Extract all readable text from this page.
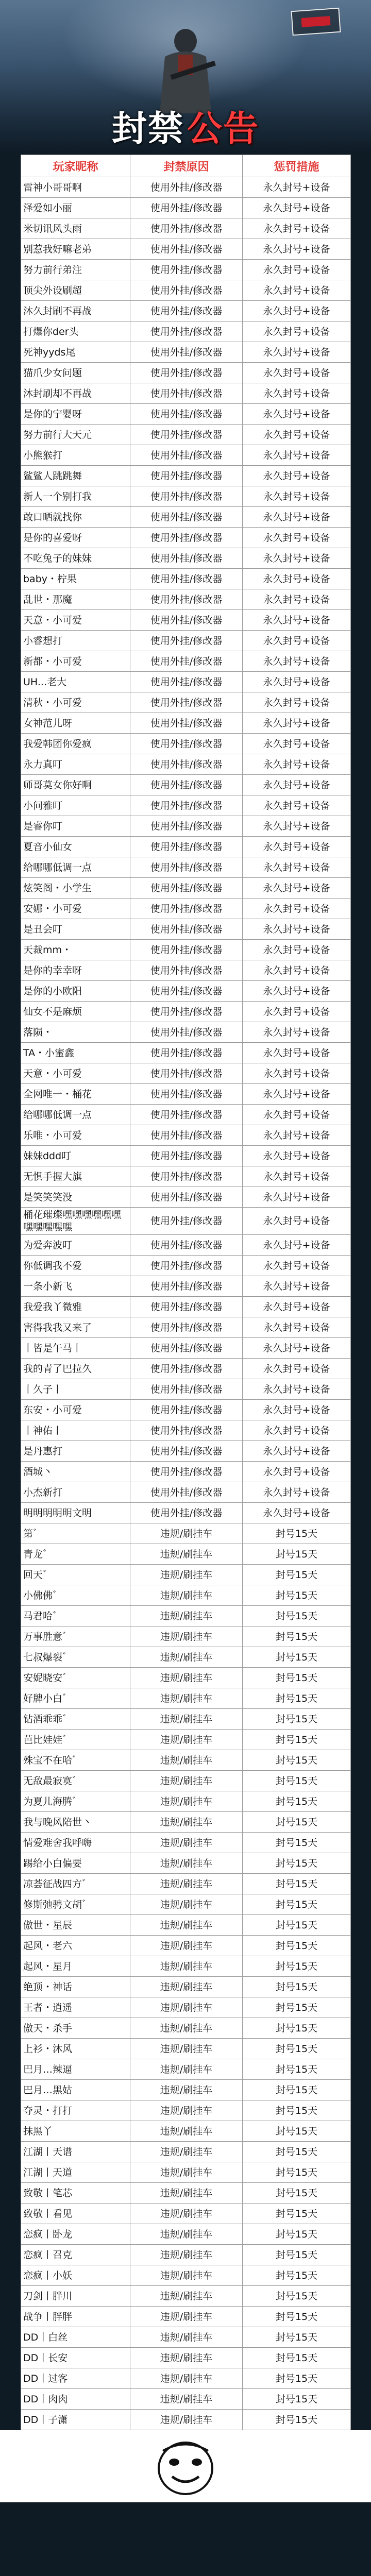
封禁 公告
玩家昵称	封禁原因	惩罚措施
雷神小哥哥啊	使用外挂/修改器	永久封号+设备
泽爱如小丽	使用外挂/修改器	永久封号+设备
米切讯风头雨	使用外挂/修改器	永久封号+设备
别惹我好嘛老弟	使用外挂/修改器	永久封号+设备
努力前行弟注	使用外挂/修改器	永久封号+设备
顶尖外设刷超	使用外挂/修改器	永久封号+设备
沐久封刷不再战	使用外挂/修改器	永久封号+设备
打爆你der头	使用外挂/修改器	永久封号+设备
死神yyds尾	使用外挂/修改器	永久封号+设备
猫爪少女问题	使用外挂/修改器	永久封号+设备
沐封刷却不再战	使用外挂/修改器	永久封号+设备
是你的宁婴呀	使用外挂/修改器	永久封号+设备
努力前行大天元	使用外挂/修改器	永久封号+设备
小熊猴打	使用外挂/修改器	永久封号+设备
鲨鲨人跳跳舞	使用外挂/修改器	永久封号+设备
新人一个别打我	使用外挂/修改器	永久封号+设备
敢口晒就找你	使用外挂/修改器	永久封号+设备
是你的喜爱呀	使用外挂/修改器	永久封号+设备
不吃兔子的妹妹	使用外挂/修改器	永久封号+设备
baby・柠果	使用外挂/修改器	永久封号+设备
乱世・那魔	使用外挂/修改器	永久封号+设备
天意・小可爱	使用外挂/修改器	永久封号+设备
小睿想打	使用外挂/修改器	永久封号+设备
新都・小可爱	使用外挂/修改器	永久封号+设备
UH...老大	使用外挂/修改器	永久封号+设备
清秋・小可爱	使用外挂/修改器	永久封号+设备
女神范儿呀	使用外挂/修改器	永久封号+设备
我爱韩团你爱疯	使用外挂/修改器	永久封号+设备
永力真叮	使用外挂/修改器	永久封号+设备
师哥莫女你好啊	使用外挂/修改器	永久封号+设备
小问雅叮	使用外挂/修改器	永久封号+设备
是睿你叮	使用外挂/修改器	永久封号+设备
夏音小仙女	使用外挂/修改器	永久封号+设备
给哪哪低调一点	使用外挂/修改器	永久封号+设备
炫笑阁・小学生	使用外挂/修改器	永久封号+设备
安娜・小可爱	使用外挂/修改器	永久封号+设备
是丑会叮	使用外挂/修改器	永久封号+设备
天裁mm・	使用外挂/修改器	永久封号+设备
是你的幸幸呀	使用外挂/修改器	永久封号+设备
是你的小欧阳	使用外挂/修改器	永久封号+设备
仙女不是麻烦	使用外挂/修改器	永久封号+设备
落陨・	使用外挂/修改器	永久封号+设备
TA・小蜜鑫	使用外挂/修改器	永久封号+设备
天意・小可爱	使用外挂/修改器	永久封号+设备
全网唯一・桶花	使用外挂/修改器	永久封号+设备
给哪哪低调一点	使用外挂/修改器	永久封号+设备
乐唯・小可爱	使用外挂/修改器	永久封号+设备
妹妹ddd叮	使用外挂/修改器	永久封号+设备
无惧手握大旗	使用外挂/修改器	永久封号+设备
是笑笑笑没	使用外挂/修改器	永久封号+设备
桶花璀璨嘿嘿嘿嘿嘿嘿嘿嘿嘿嘿嘿	使用外挂/修改器	永久封号+设备
为爱奔波叮	使用外挂/修改器	永久封号+设备
你低调我不爱	使用外挂/修改器	永久封号+设备
一条小新飞	使用外挂/修改器	永久封号+设备
我爱我丫微雅	使用外挂/修改器	永久封号+设备
害得我我又来了	使用外挂/修改器	永久封号+设备
丨皆是午马丨	使用外挂/修改器	永久封号+设备
我的青了巴拉久	使用外挂/修改器	永久封号+设备
丨久子丨	使用外挂/修改器	永久封号+设备
东安・小可爱	使用外挂/修改器	永久封号+设备
丨神佑丨	使用外挂/修改器	永久封号+设备
是丹惠打	使用外挂/修改器	永久封号+设备
酒城丶	使用外挂/修改器	永久封号+设备
小杰新打	使用外挂/修改器	永久封号+设备
明明明明明文明	使用外挂/修改器	永久封号+设备
第゛	违规/刷挂车	封号15天
青龙゛	违规/刷挂车	封号15天
回天゛	违规/刷挂车	封号15天
小佛佛゛	违规/刷挂车	封号15天
马君哈゛	违规/刷挂车	封号15天
万事胜意゛	违规/刷挂车	封号15天
七叔爆裂゛	违规/刷挂车	封号15天
安妮晓安゛	违规/刷挂车	封号15天
好牌小白゛	违规/刷挂车	封号15天
钻酒乖乖゛	违规/刷挂车	封号15天
芭比娃娃゛	违规/刷挂车	封号15天
殊宝不在哈゛	违规/刷挂车	封号15天
无敌最寂寞゛	违规/刷挂车	封号15天
为夏儿海腾゛	违规/刷挂车	封号15天
我与晚风陪世丶	违规/刷挂车	封号15天
情爱难舍我呼嗨	违规/刷挂车	封号15天
踢给小白偏要	违规/刷挂车	封号15天
凉荟征战四方゛	违规/刷挂车	封号15天
修斯弛骋文胡゛	违规/刷挂车	封号15天
傲世・星辰	违规/刷挂车	封号15天
起风・老六	违规/刷挂车	封号15天
起风・星月	违规/刷挂车	封号15天
绝顶・神话	违规/刷挂车	封号15天
王者・逍遥	违规/刷挂车	封号15天
傲天・杀手	违规/刷挂车	封号15天
上衫・沐风	违规/刷挂车	封号15天
巴月…辣逼	违规/刷挂车	封号15天
巴月…黑姑	违规/刷挂车	封号15天
夺灵・打打	违规/刷挂车	封号15天
抹黑丫	违规/刷挂车	封号15天
江湖丨天谱	违规/刷挂车	封号15天
江湖丨天道	违规/刷挂车	封号15天
致敬丨笔芯	违规/刷挂车	封号15天
致敬丨看见	违规/刷挂车	封号15天
恋疯丨卧龙	违规/刷挂车	封号15天
恋疯丨召克	违规/刷挂车	封号15天
恋疯丨小妖	违规/刷挂车	封号15天
刀剑丨胖川	违规/刷挂车	封号15天
战争丨胖胖	违规/刷挂车	封号15天
DD丨白丝	违规/刷挂车	封号15天
DD丨长安	违规/刷挂车	封号15天
DD丨过客	违规/刷挂车	封号15天
DD丨肉肉	违规/刷挂车	封号15天
DD丨子潇	违规/刷挂车	封号15天
